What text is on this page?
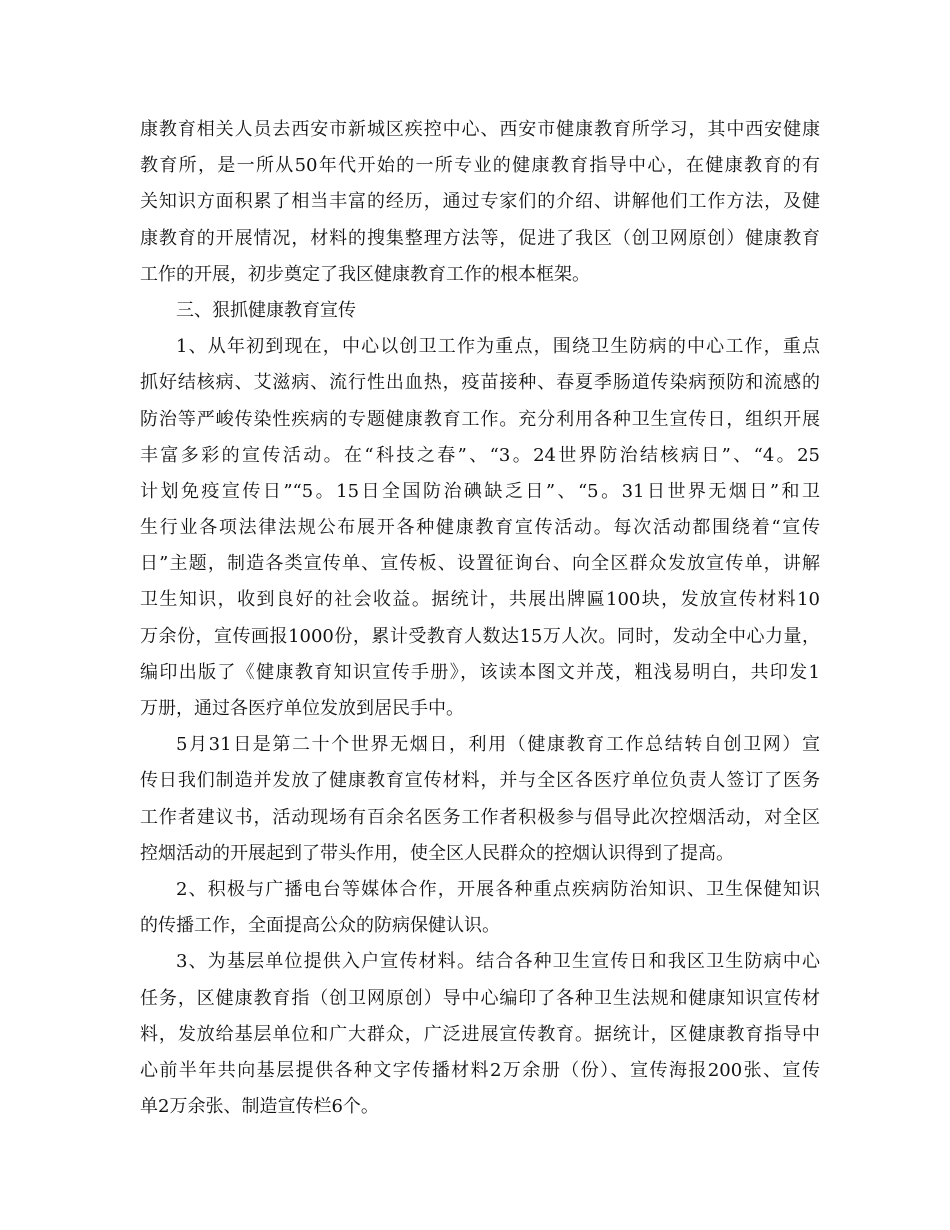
康教育相关人员去西安市新城区疾控中心、西安市健康教育所学习，其中西安健康
教育所，是一所从50年代开始的一所专业的健康教育指导中心，在健康教育的有
关知识方面积累了相当丰富的经历，通过专家们的介绍、讲解他们工作方法，及健
康教育的开展情况，材料的搜集整理方法等，促进了我区（创卫网原创）健康教育
工作的开展，初步奠定了我区健康教育工作的根本框架。
三、狠抓健康教育宣传
1、从年初到现在，中心以创卫工作为重点，围绕卫生防病的中心工作，重点
抓好结核病、艾滋病、流行性出血热，疫苗接种、春夏季肠道传染病预防和流感的
防治等严峻传染性疾病的专题健康教育工作。充分利用各种卫生宣传日，组织开展
丰富多彩的宣传活动。在“科技之春”、“3。24世界防治结核病日”、“4。25
计划免疫宣传日”“5。15日全国防治碘缺乏日”、“5。31日世界无烟日”和卫
生行业各项法律法规公布展开各种健康教育宣传活动。每次活动都围绕着“宣传
日”主题，制造各类宣传单、宣传板、设置征询台、向全区群众发放宣传单，讲解
卫生知识，收到良好的社会收益。据统计，共展出牌匾100块，发放宣传材料10
万余份，宣传画报1000份，累计受教育人数达15万人次。同时，发动全中心力量，
编印出版了《健康教育知识宣传手册》，该读本图文并茂，粗浅易明白，共印发1
万册，通过各医疗单位发放到居民手中。
5月31日是第二十个世界无烟日，利用（健康教育工作总结转自创卫网）宣
传日我们制造并发放了健康教育宣传材料，并与全区各医疗单位负责人签订了医务
工作者建议书，活动现场有百余名医务工作者积极参与倡导此次控烟活动，对全区
控烟活动的开展起到了带头作用，使全区人民群众的控烟认识得到了提高。
2、积极与广播电台等媒体合作，开展各种重点疾病防治知识、卫生保健知识
的传播工作，全面提高公众的防病保健认识。
3、为基层单位提供入户宣传材料。结合各种卫生宣传日和我区卫生防病中心
任务，区健康教育指（创卫网原创）导中心编印了各种卫生法规和健康知识宣传材
料，发放给基层单位和广大群众，广泛进展宣传教育。据统计，区健康教育指导中
心前半年共向基层提供各种文字传播材料2万余册（份）、宣传海报200张、宣传
单2万余张、制造宣传栏6个。
